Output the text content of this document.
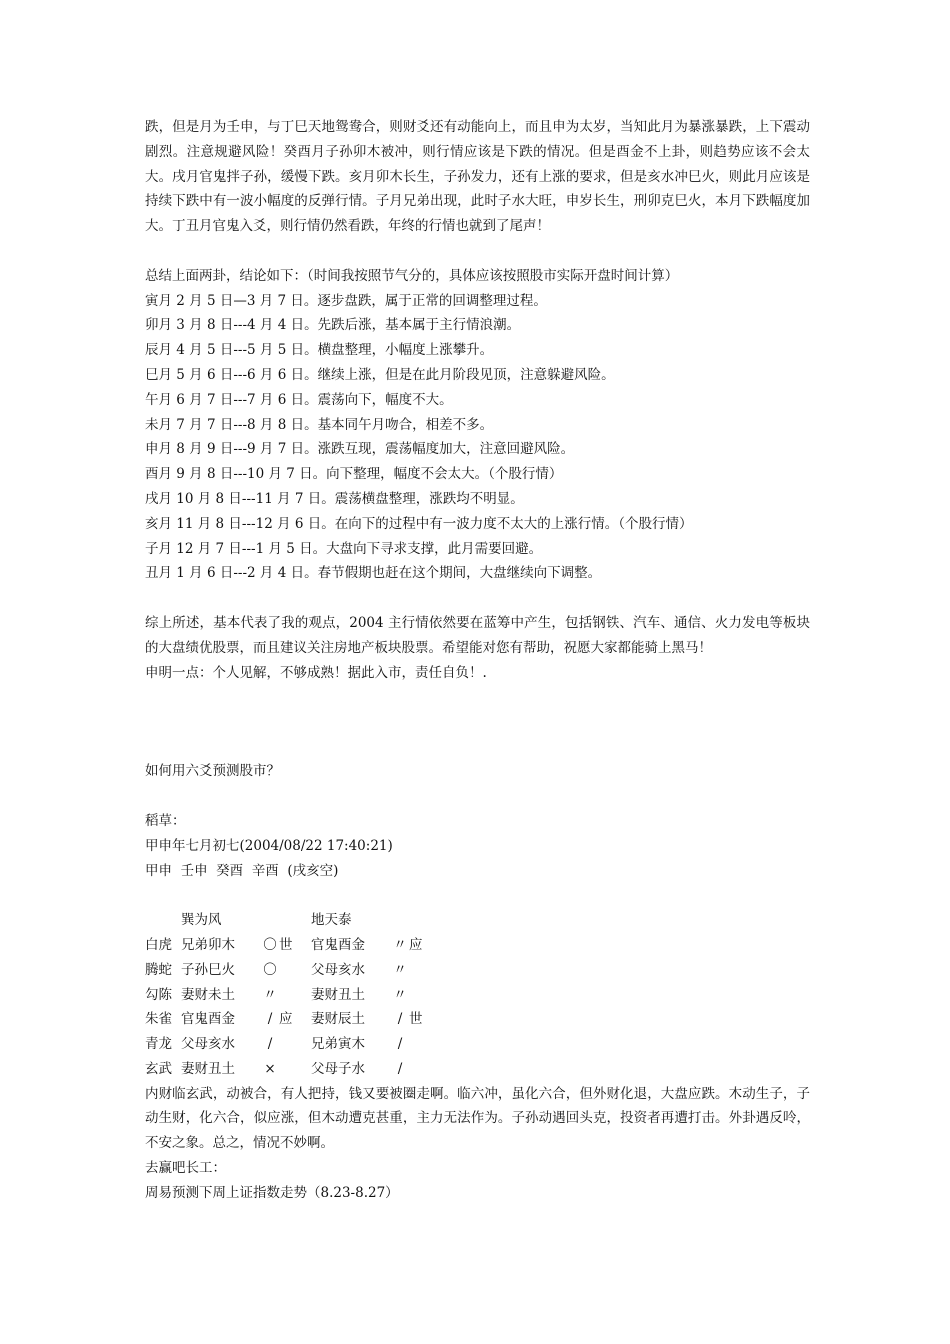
跌，但是月为壬申，与丁巳天地鸳鸯合，则财爻还有动能向上，而且申为太岁，当知此月为暴涨暴跌，上下震动剧烈。注意规避风险！癸酉月子孙卯木被冲，则行情应该是下跌的情况。但是酉金不上卦，则趋势应该不会太大。戌月官鬼拌子孙，缓慢下跌。亥月卯木长生，子孙发力，还有上涨的要求，但是亥水冲巳火，则此月应该是持续下跌中有一波小幅度的反弹行情。子月兄弟出现，此时子水大旺，申岁长生，刑卯克巳火，本月下跌幅度加大。丁丑月官鬼入爻，则行情仍然看跌，年终的行情也就到了尾声！

总结上面两卦，结论如下：（时间我按照节气分的，具体应该按照股市实际开盘时间计算）
寅月 2 月 5 日—3 月 7 日。逐步盘跌，属于正常的回调整理过程。
卯月 3 月 8 日---4 月 4 日。先跌后涨，基本属于主行情浪潮。
辰月 4 月 5 日---5 月 5 日。横盘整理，小幅度上涨攀升。
巳月 5 月 6 日---6 月 6 日。继续上涨，但是在此月阶段见顶，注意躲避风险。
午月 6 月 7 日---7 月 6 日。震荡向下，幅度不大。
未月 7 月 7 日---8 月 8 日。基本同午月吻合，相差不多。
申月 8 月 9 日---9 月 7 日。涨跌互现，震荡幅度加大，注意回避风险。
酉月 9 月 8 日---10 月 7 日。向下整理，幅度不会太大。（个股行情）
戌月 10 月 8 日---11 月 7 日。震荡横盘整理，涨跌均不明显。
亥月 11 月 8 日---12 月 6 日。在向下的过程中有一波力度不太大的上涨行情。（个股行情）
子月 12 月 7 日---1 月 5 日。大盘向下寻求支撑，此月需要回避。
丑月 1 月 6 日---2 月 4 日。春节假期也赶在这个期间，大盘继续向下调整。

综上所述，基本代表了我的观点，2004 主行情依然要在蓝筹中产生，包括钢铁、汽车、通信、火力发电等板块的大盘绩优股票，而且建议关注房地产板块股票。希望能对您有帮助，祝愿大家都能骑上黑马！

申明一点：个人见解，不够成熟！据此入市，责任自负！.
如何用六爻预测股市？
稻草：
甲申年七月初七(2004/08/22 17:40:21)
甲申  壬申  癸酉  辛酉  (戌亥空)
巽为风	地天泰
白虎 兄弟卯木 〇 世 官鬼酉金 〃 应
腾蛇 子孙巳火 〇	父母亥水 〃
勾陈 妻财未土 〃	妻财丑土 〃
朱雀 官鬼酉金 / 应 妻财辰土 / 世
青龙 父母亥水 /	兄弟寅木 /
玄武 妻财丑土 ×	父母子水 /

内财临玄武，动被合，有人把持，钱又要被圈走啊。临六冲，虽化六合，但外财化退，大盘应跌。木动生子，子动生财，化六合，似应涨，但木动遭克甚重，主力无法作为。子孙动遇回头克，投资者再遭打击。外卦遇反呤，不安之象。总之，情况不妙啊。

去赢吧长工：
周易预测下周上证指数走势（8.23-8.27）
